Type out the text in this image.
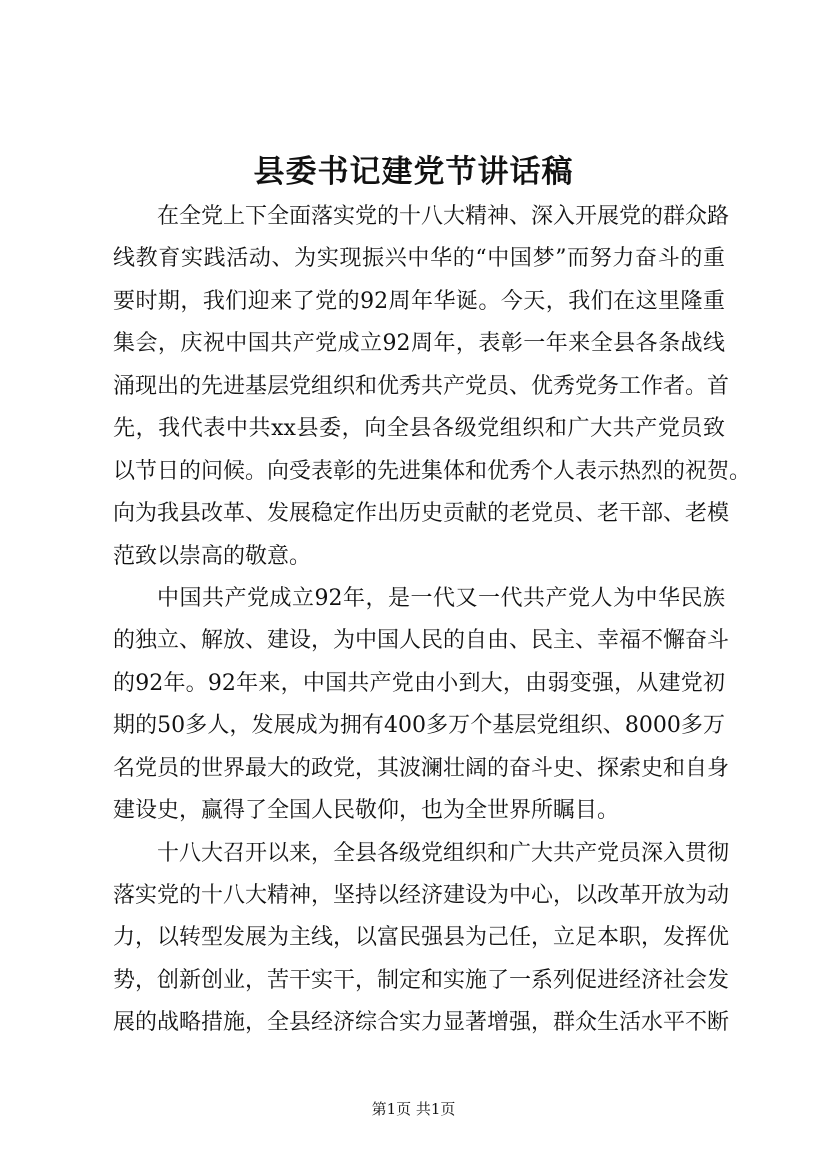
县委书记建党节讲话稿
在全党上下全面落实党的十八大精神、深入开展党的群众路
线教育实践活动、为实现振兴中华的“中国梦”而努力奋斗的重
要时期，我们迎来了党的92周年华诞。今天，我们在这里隆重
集会，庆祝中国共产党成立92周年，表彰一年来全县各条战线
涌现出的先进基层党组织和优秀共产党员、优秀党务工作者。首
先，我代表中共xx县委，向全县各级党组织和广大共产党员致
以节日的问候。向受表彰的先进集体和优秀个人表示热烈的祝贺。
向为我县改革、发展稳定作出历史贡献的老党员、老干部、老模
范致以崇高的敬意。
中国共产党成立92年，是一代又一代共产党人为中华民族
的独立、解放、建设，为中国人民的自由、民主、幸福不懈奋斗
的92年。92年来，中国共产党由小到大，由弱变强，从建党初
期的50多人，发展成为拥有400多万个基层党组织、8000多万
名党员的世界最大的政党，其波澜壮阔的奋斗史、探索史和自身
建设史，赢得了全国人民敬仰，也为全世界所瞩目。
十八大召开以来，全县各级党组织和广大共产党员深入贯彻
落实党的十八大精神，坚持以经济建设为中心，以改革开放为动
力，以转型发展为主线，以富民强县为己任，立足本职，发挥优
势，创新创业，苦干实干，制定和实施了一系列促进经济社会发
展的战略措施，全县经济综合实力显著增强，群众生活水平不断
第1页 共1页
